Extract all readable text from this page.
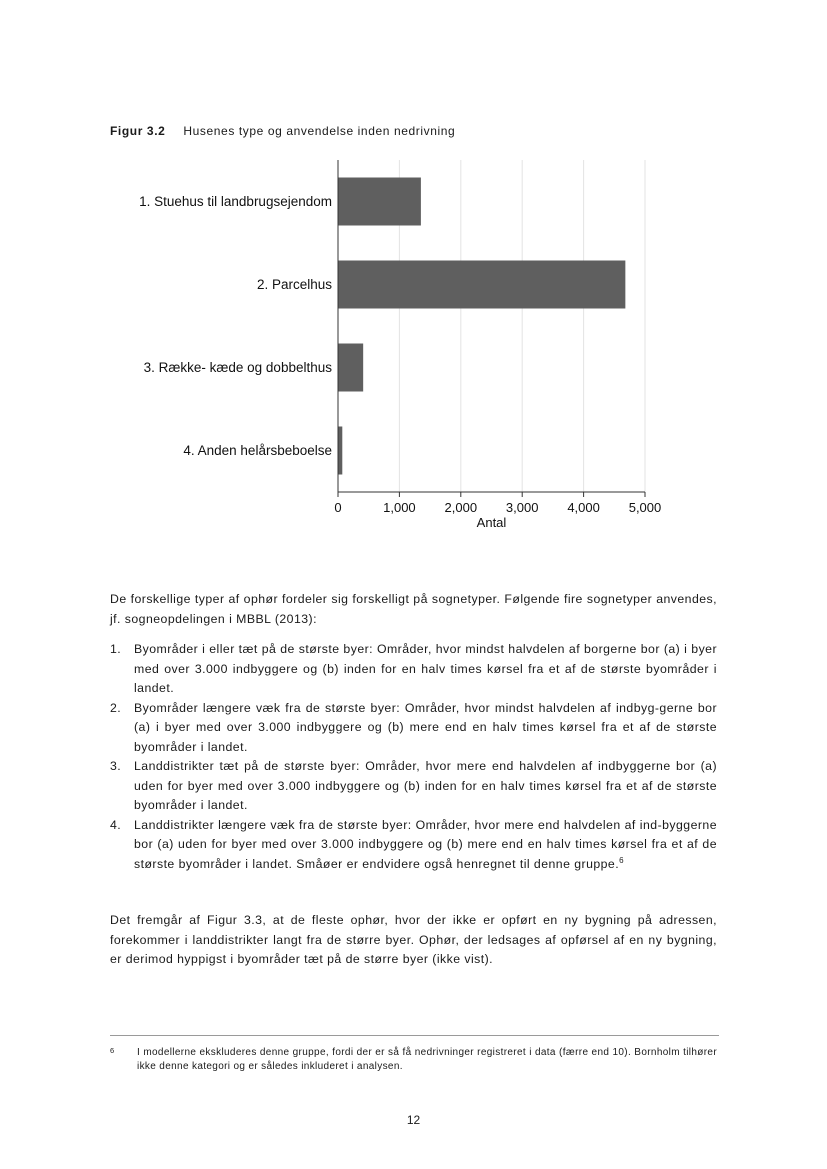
Figur 3.2 Husenes type og anvendelse inden nedrivning
1. Stuehus til landbrugsejendom
2. Parcelhus
3. Række- kæde og dobbelthus
4. Anden helårsbeboelse
0	1,000 2,000 3,000 4,000 5,000
Antal
De forskellige typer af ophør fordeler sig forskelligt på sognetyper. Følgende fire sognetyper anvendes, jf. sogneopdelingen i MBBL (2013):
1. Byområder i eller tæt på de største byer: Områder, hvor mindst halvdelen af borgerne bor (a) i byer med over 3.000 indbyggere og (b) inden for en halv times kørsel fra et af de største byområder i landet.
2. Byområder længere væk fra de største byer: Områder, hvor mindst halvdelen af indbyg-gerne bor (a) i byer med over 3.000 indbyggere og (b) mere end en halv times kørsel fra et af de største byområder i landet.
3. Landdistrikter tæt på de største byer: Områder, hvor mere end halvdelen af indbyggerne bor (a) uden for byer med over 3.000 indbyggere og (b) inden for en halv times kørsel fra et af de største byområder i landet.
4. Landdistrikter længere væk fra de største byer: Områder, hvor mere end halvdelen af ind-byggerne bor (a) uden for byer med over 3.000 indbyggere og (b) mere end en halv times kørsel fra et af de største byområder i landet. Småøer er endvidere også henregnet til denne gruppe.$^6$
Det fremgår af Figur 3.3, at de fleste ophør, hvor der ikke er opført en ny bygning på adressen, forekommer i landdistrikter langt fra de større byer. Ophør, der ledsages af opførsel af en ny bygning, er derimod hyppigst i byområder tæt på de større byer (ikke vist).
6 I modellerne ekskluderes denne gruppe, fordi der er så få nedrivninger registreret i data (færre end 10). Bornholm tilhører ikke denne kategori og er således inkluderet i analysen.
12
